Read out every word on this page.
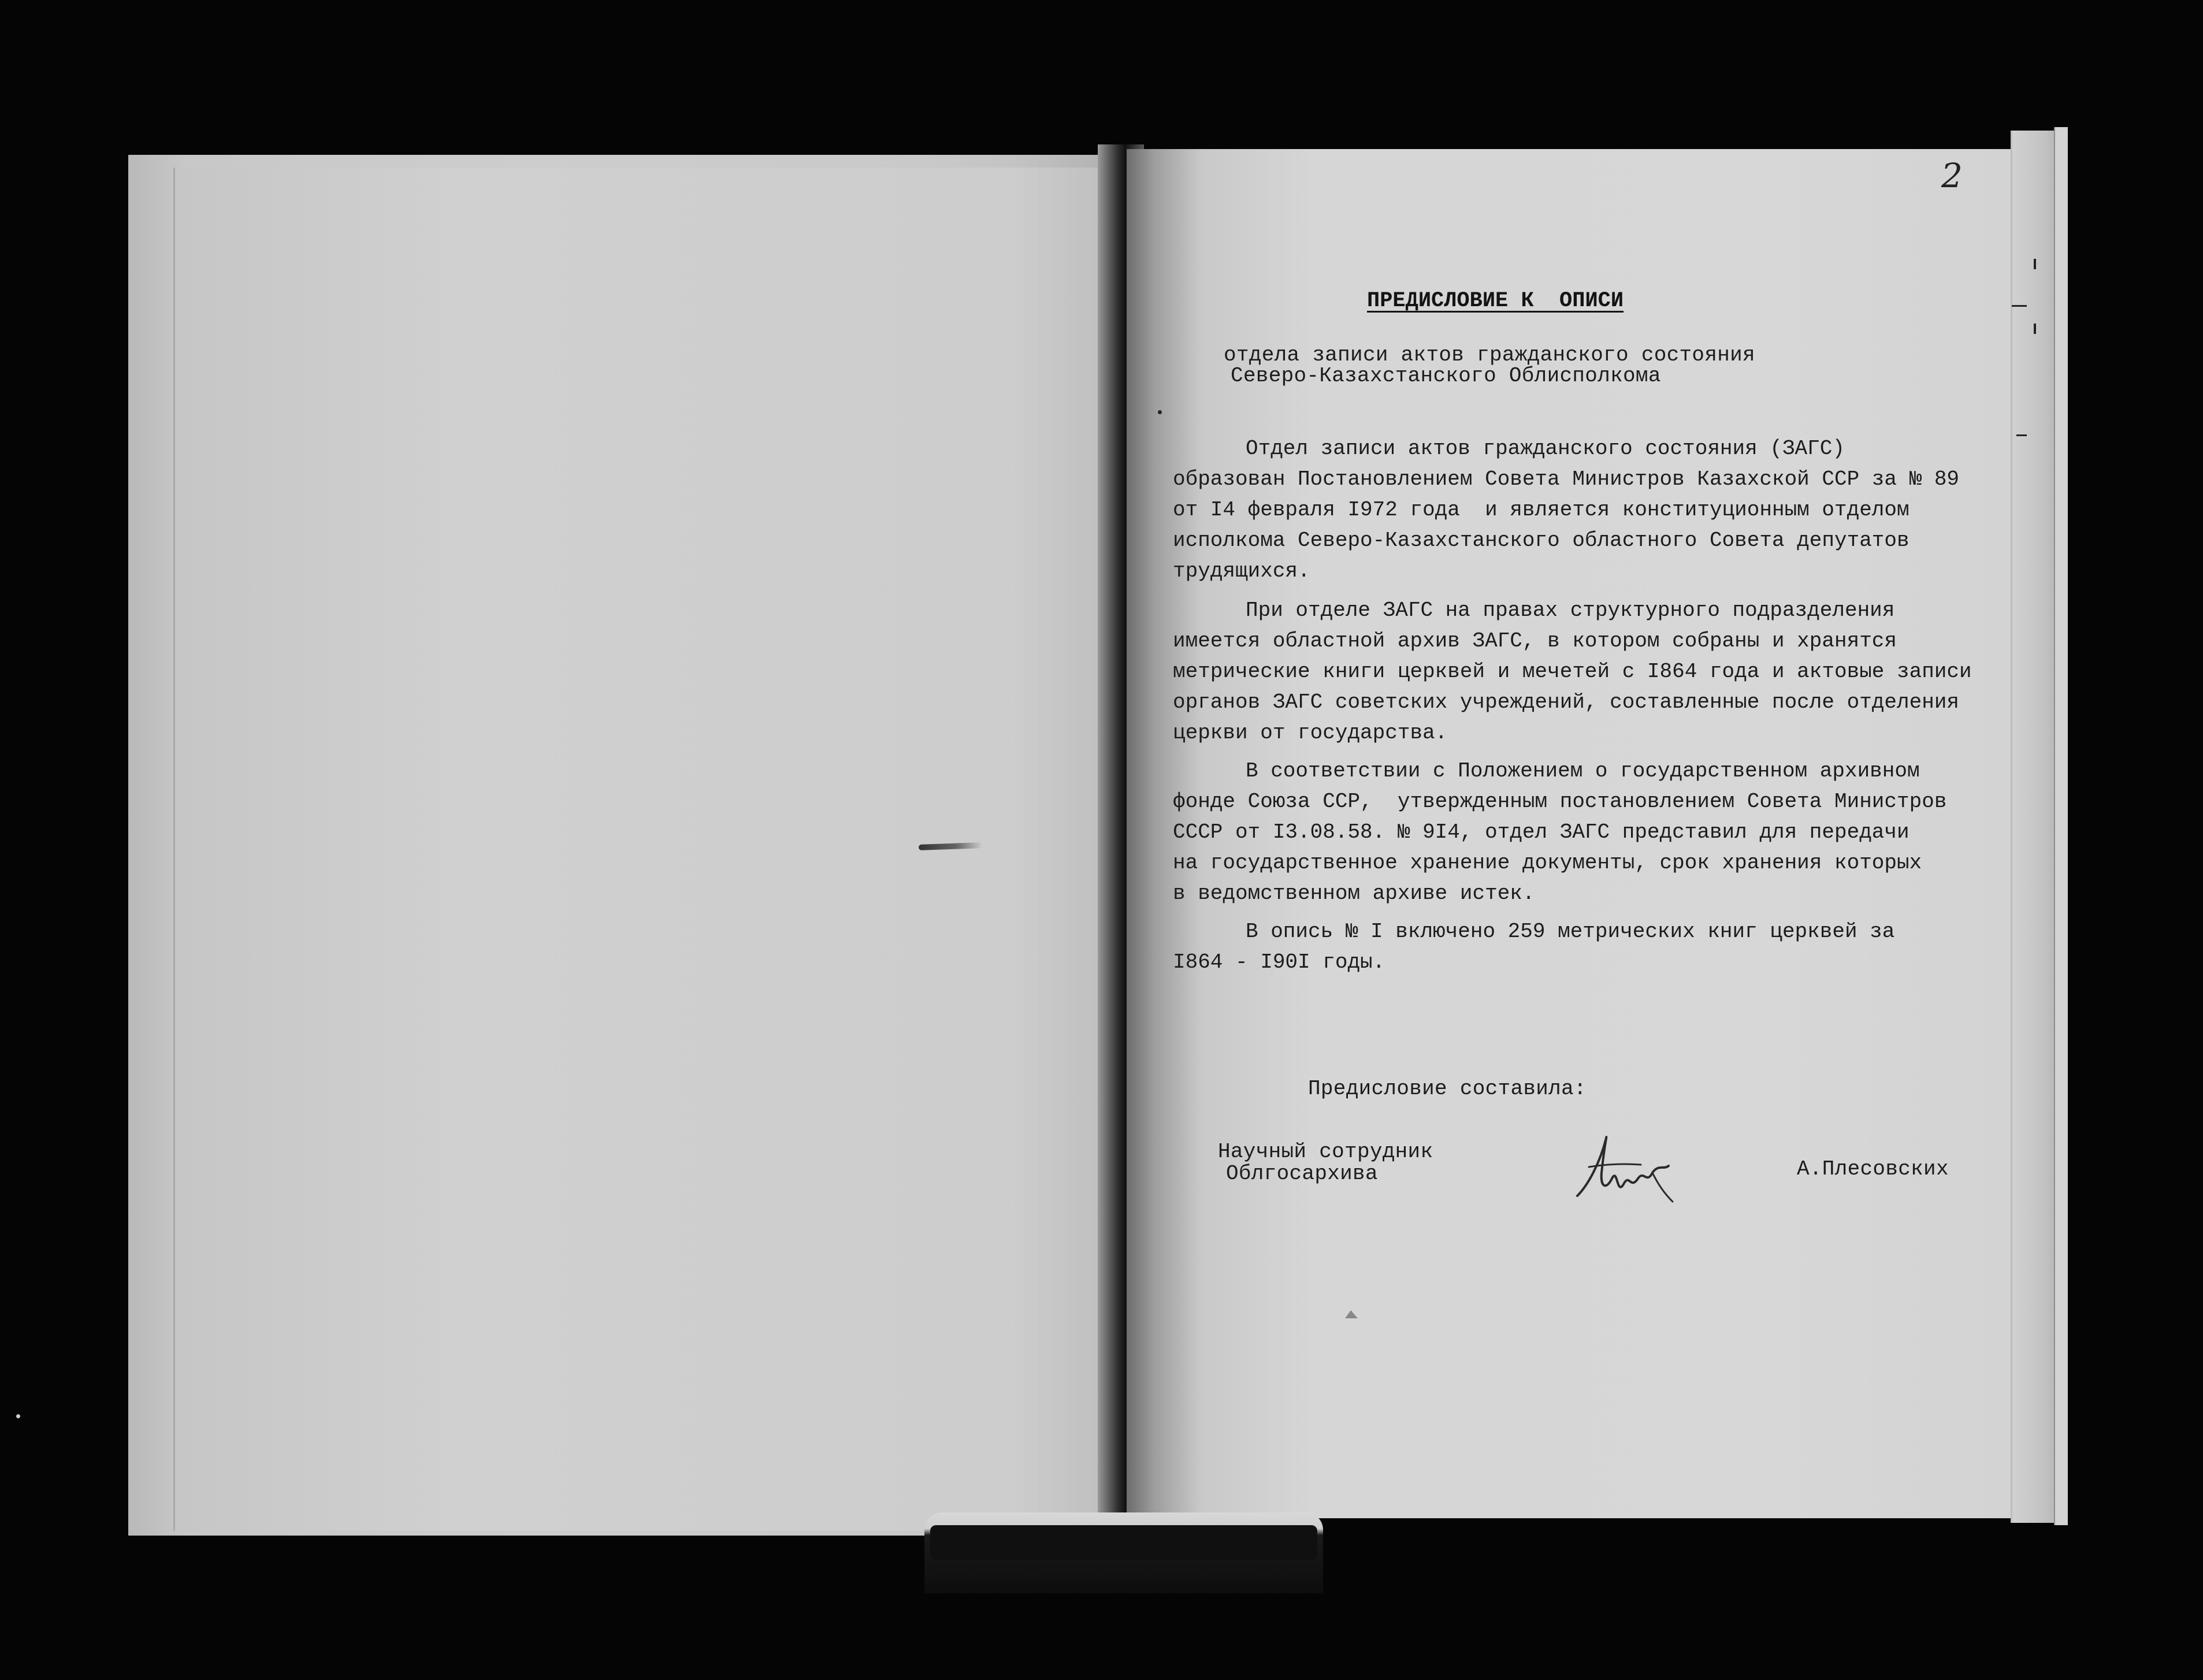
2
ПРЕДИСЛОВИЕ К  ОПИСИ
отдела записи актов гражданского состояния
Северо-Казахстанского Облисполкома
Отдел записи актов гражданского состояния (ЗАГС)
образован Постановлением Совета Министров Казахской ССР за № 89
от I4 февраля I972 года  и является конституционным отделом
исполкома Северо-Казахстанского областного Совета депутатов
трудящихся.
При отделе ЗАГС на правах структурного подразделения
имеется областной архив ЗАГС, в котором собраны и хранятся
метрические книги церквей и мечетей с I864 года и актовые записи
органов ЗАГС советских учреждений, составленные после отделения
церкви от государства.
В соответствии с Положением о государственном архивном
фонде Союза ССР,  утвержденным постановлением Совета Министров
СССР от I3.08.58. № 9I4, отдел ЗАГС представил для передачи
на государственное хранение документы, срок хранения которых
в ведомственном архиве истек.
В опись № I включено 259 метрических книг церквей за
I864 - I90I годы.
Предисловие составила:
Научный сотрудник
Облгосархива	А.Плесовских
